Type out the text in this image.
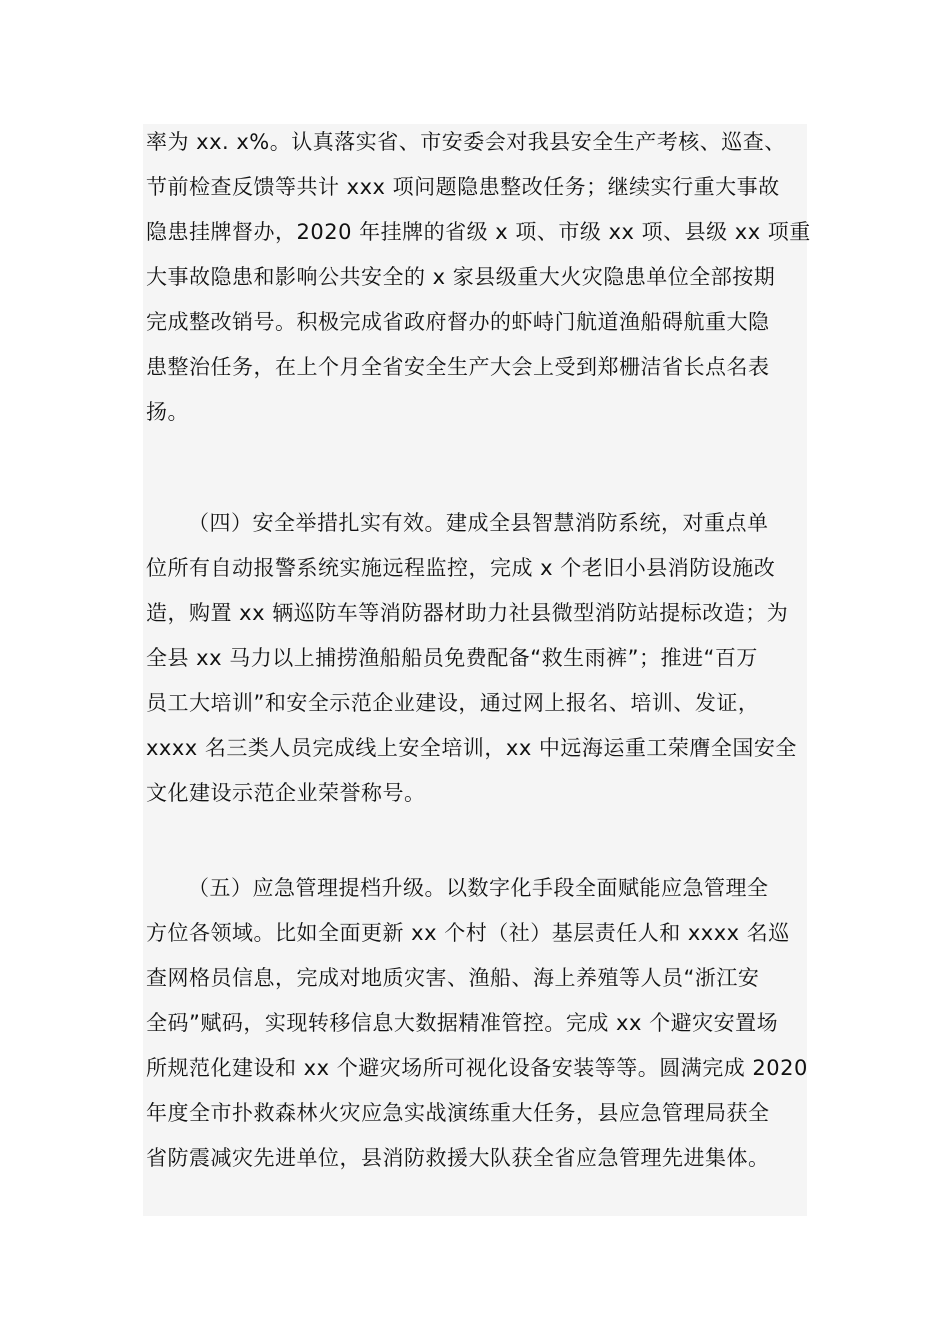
率为 xx. x%。认真落实省、市安委会对我县安全生产考核、巡查、
节前检查反馈等共计 xxx 项问题隐患整改任务；继续实行重大事故
隐患挂牌督办，2020 年挂牌的省级 x 项、市级 xx 项、县级 xx 项重
大事故隐患和影响公共安全的 x 家县级重大火灾隐患单位全部按期
完成整改销号。积极完成省政府督办的虾峙门航道渔船碍航重大隐
患整治任务，在上个月全省安全生产大会上受到郑栅洁省长点名表
扬。
（四）安全举措扎实有效。建成全县智慧消防系统，对重点单
位所有自动报警系统实施远程监控，完成 x 个老旧小县消防设施改
造，购置 xx 辆巡防车等消防器材助力社县微型消防站提标改造；为
全县 xx 马力以上捕捞渔船船员免费配备“救生雨裤”；推进“百万
员工大培训”和安全示范企业建设，通过网上报名、培训、发证，
xxxx 名三类人员完成线上安全培训，xx 中远海运重工荣膺全国安全
文化建设示范企业荣誉称号。
（五）应急管理提档升级。以数字化手段全面赋能应急管理全
方位各领域。比如全面更新 xx 个村（社）基层责任人和 xxxx 名巡
查网格员信息，完成对地质灾害、渔船、海上养殖等人员“浙江安
全码”赋码，实现转移信息大数据精准管控。完成 xx 个避灾安置场
所规范化建设和 xx 个避灾场所可视化设备安装等等。圆满完成 2020
年度全市扑救森林火灾应急实战演练重大任务，县应急管理局获全
省防震减灾先进单位，县消防救援大队获全省应急管理先进集体。
